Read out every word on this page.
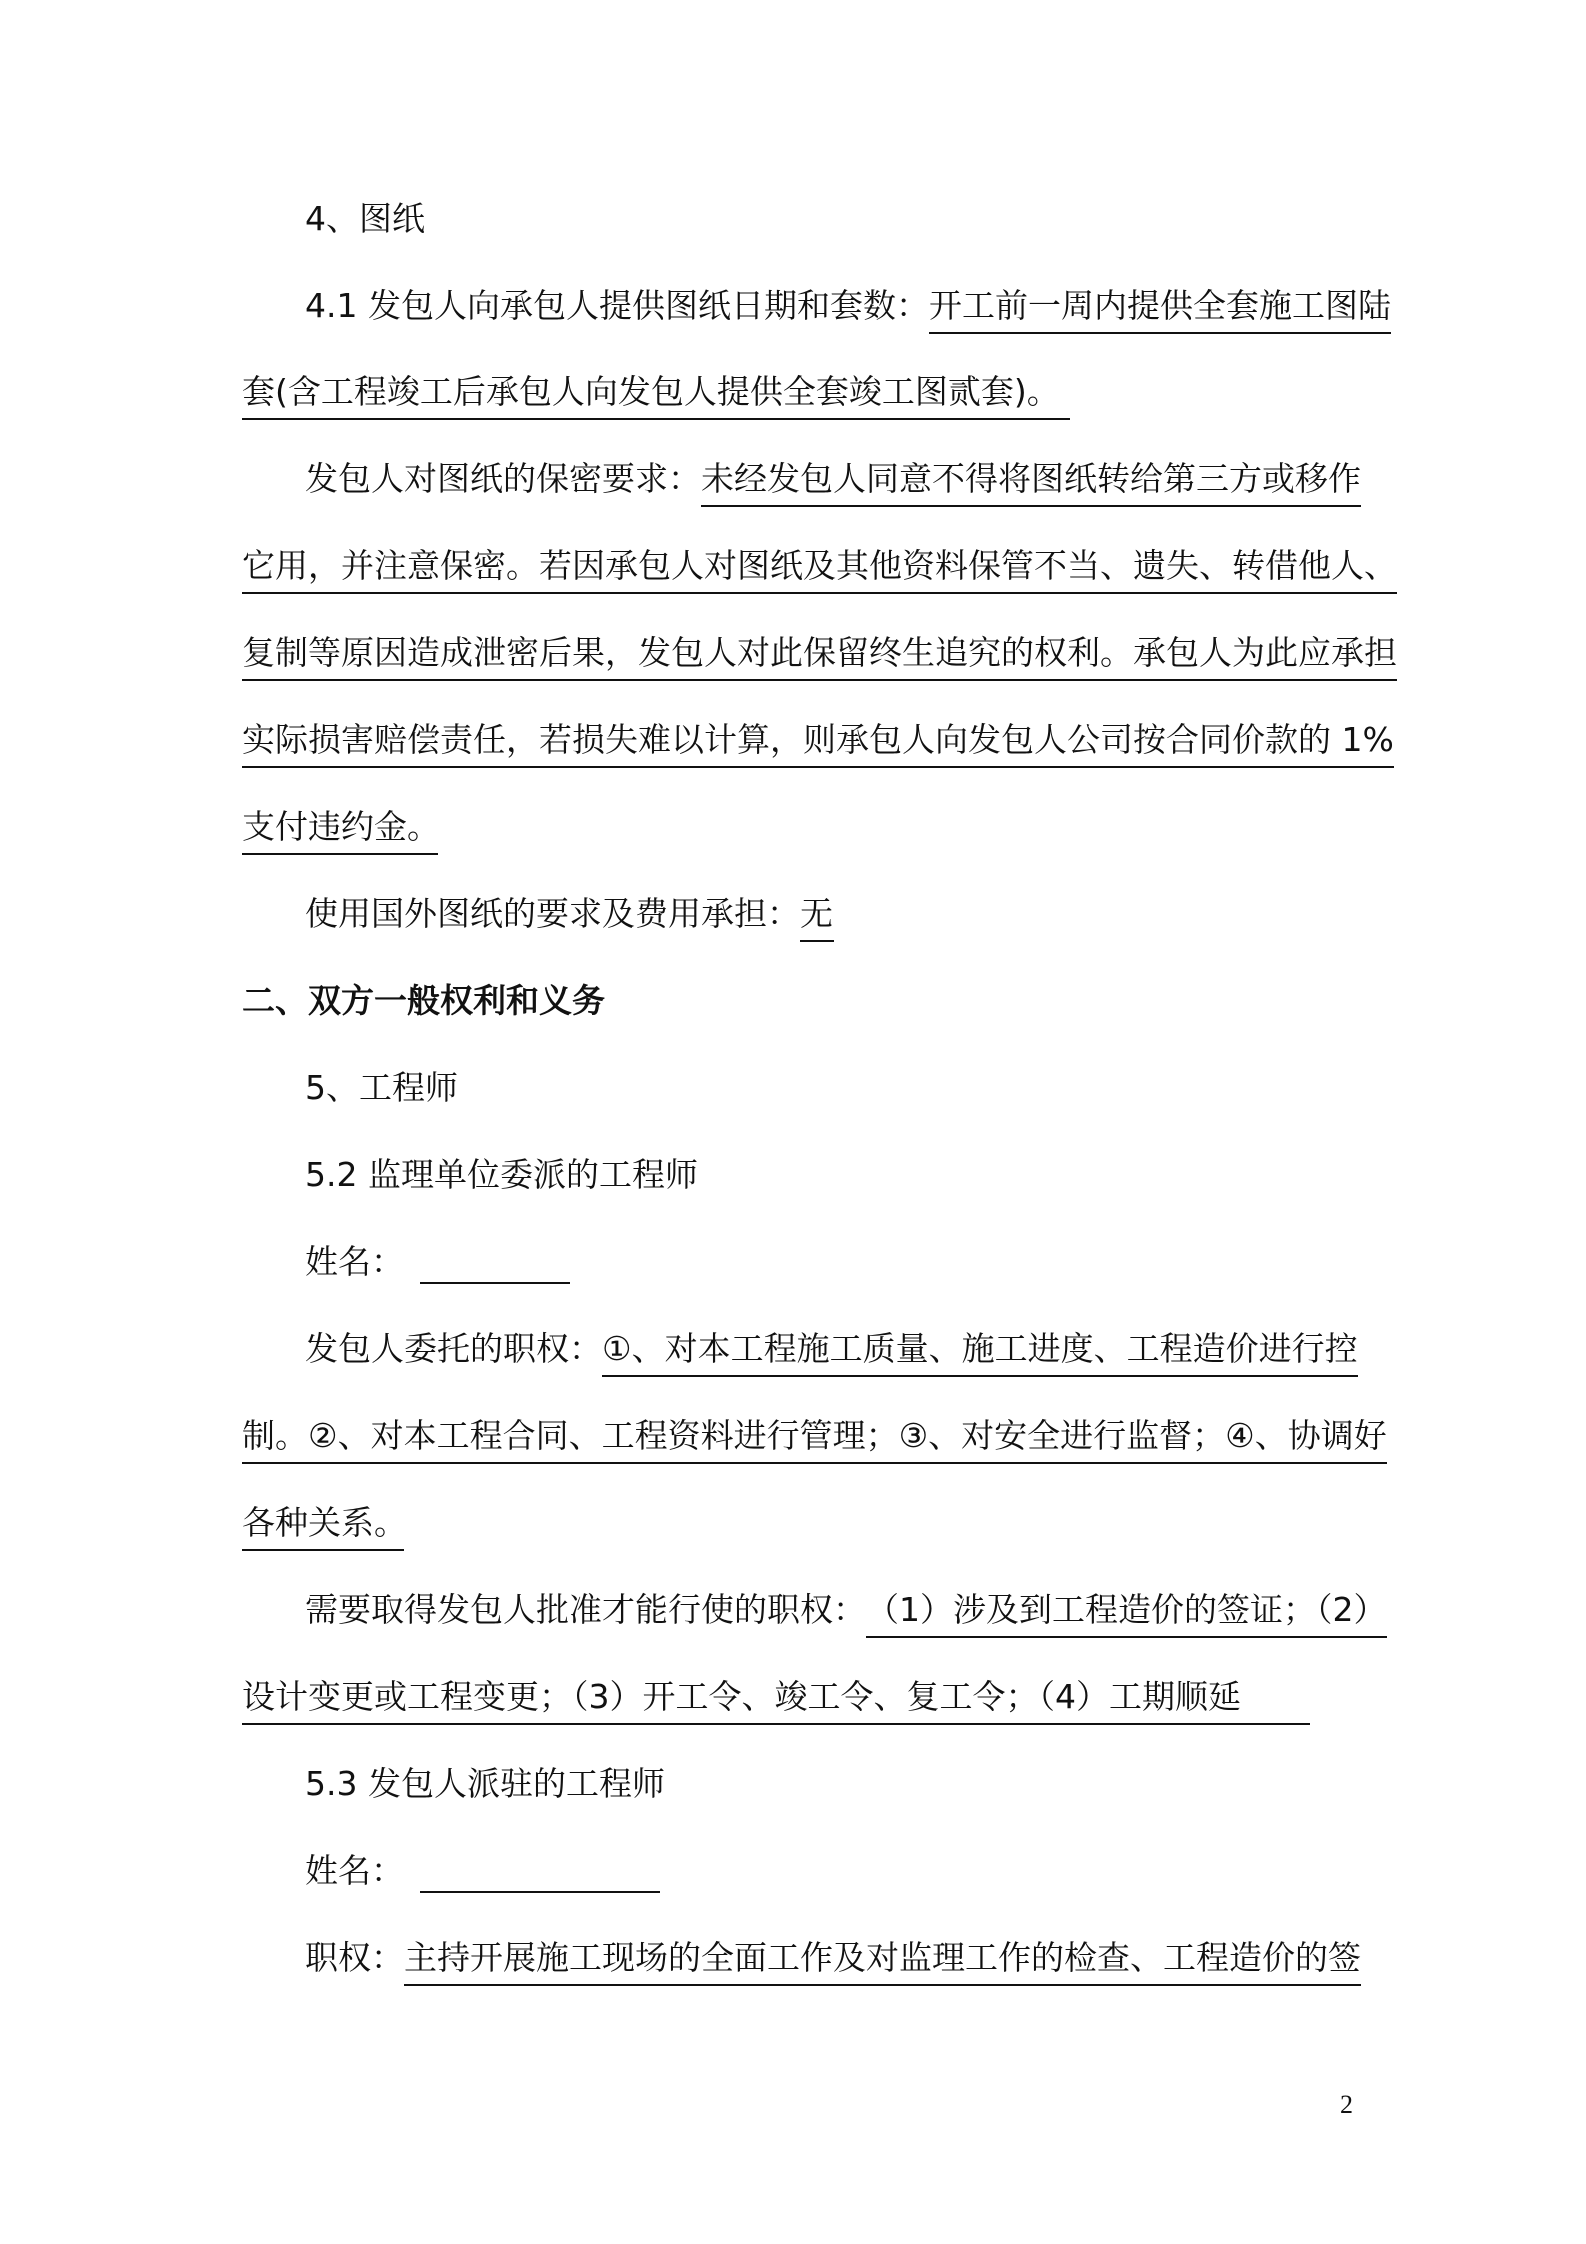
4、图纸
4.1 发包人向承包人提供图纸日期和套数：开工前一周内提供全套施工图陆
套(含工程竣工后承包人向发包人提供全套竣工图贰套)。
发包人对图纸的保密要求：未经发包人同意不得将图纸转给第三方或移作
它用，并注意保密。若因承包人对图纸及其他资料保管不当、遗失、转借他人、
复制等原因造成泄密后果，发包人对此保留终生追究的权利。承包人为此应承担
实际损害赔偿责任，若损失难以计算，则承包人向发包人公司按合同价款的 1%
支付违约金。
使用国外图纸的要求及费用承担：无
二、双方一般权利和义务
5、工程师
5.2 监理单位委派的工程师
姓名：
发包人委托的职权：①、对本工程施工质量、施工进度、工程造价进行控
制。②、对本工程合同、工程资料进行管理；③、对安全进行监督；④、协调好
各种关系。
需要取得发包人批准才能行使的职权：（1）涉及到工程造价的签证；（2）
设计变更或工程变更；（3）开工令、竣工令、复工令；（4）工期顺延
5.3 发包人派驻的工程师
姓名：
职权：主持开展施工现场的全面工作及对监理工作的检查、工程造价的签
2
